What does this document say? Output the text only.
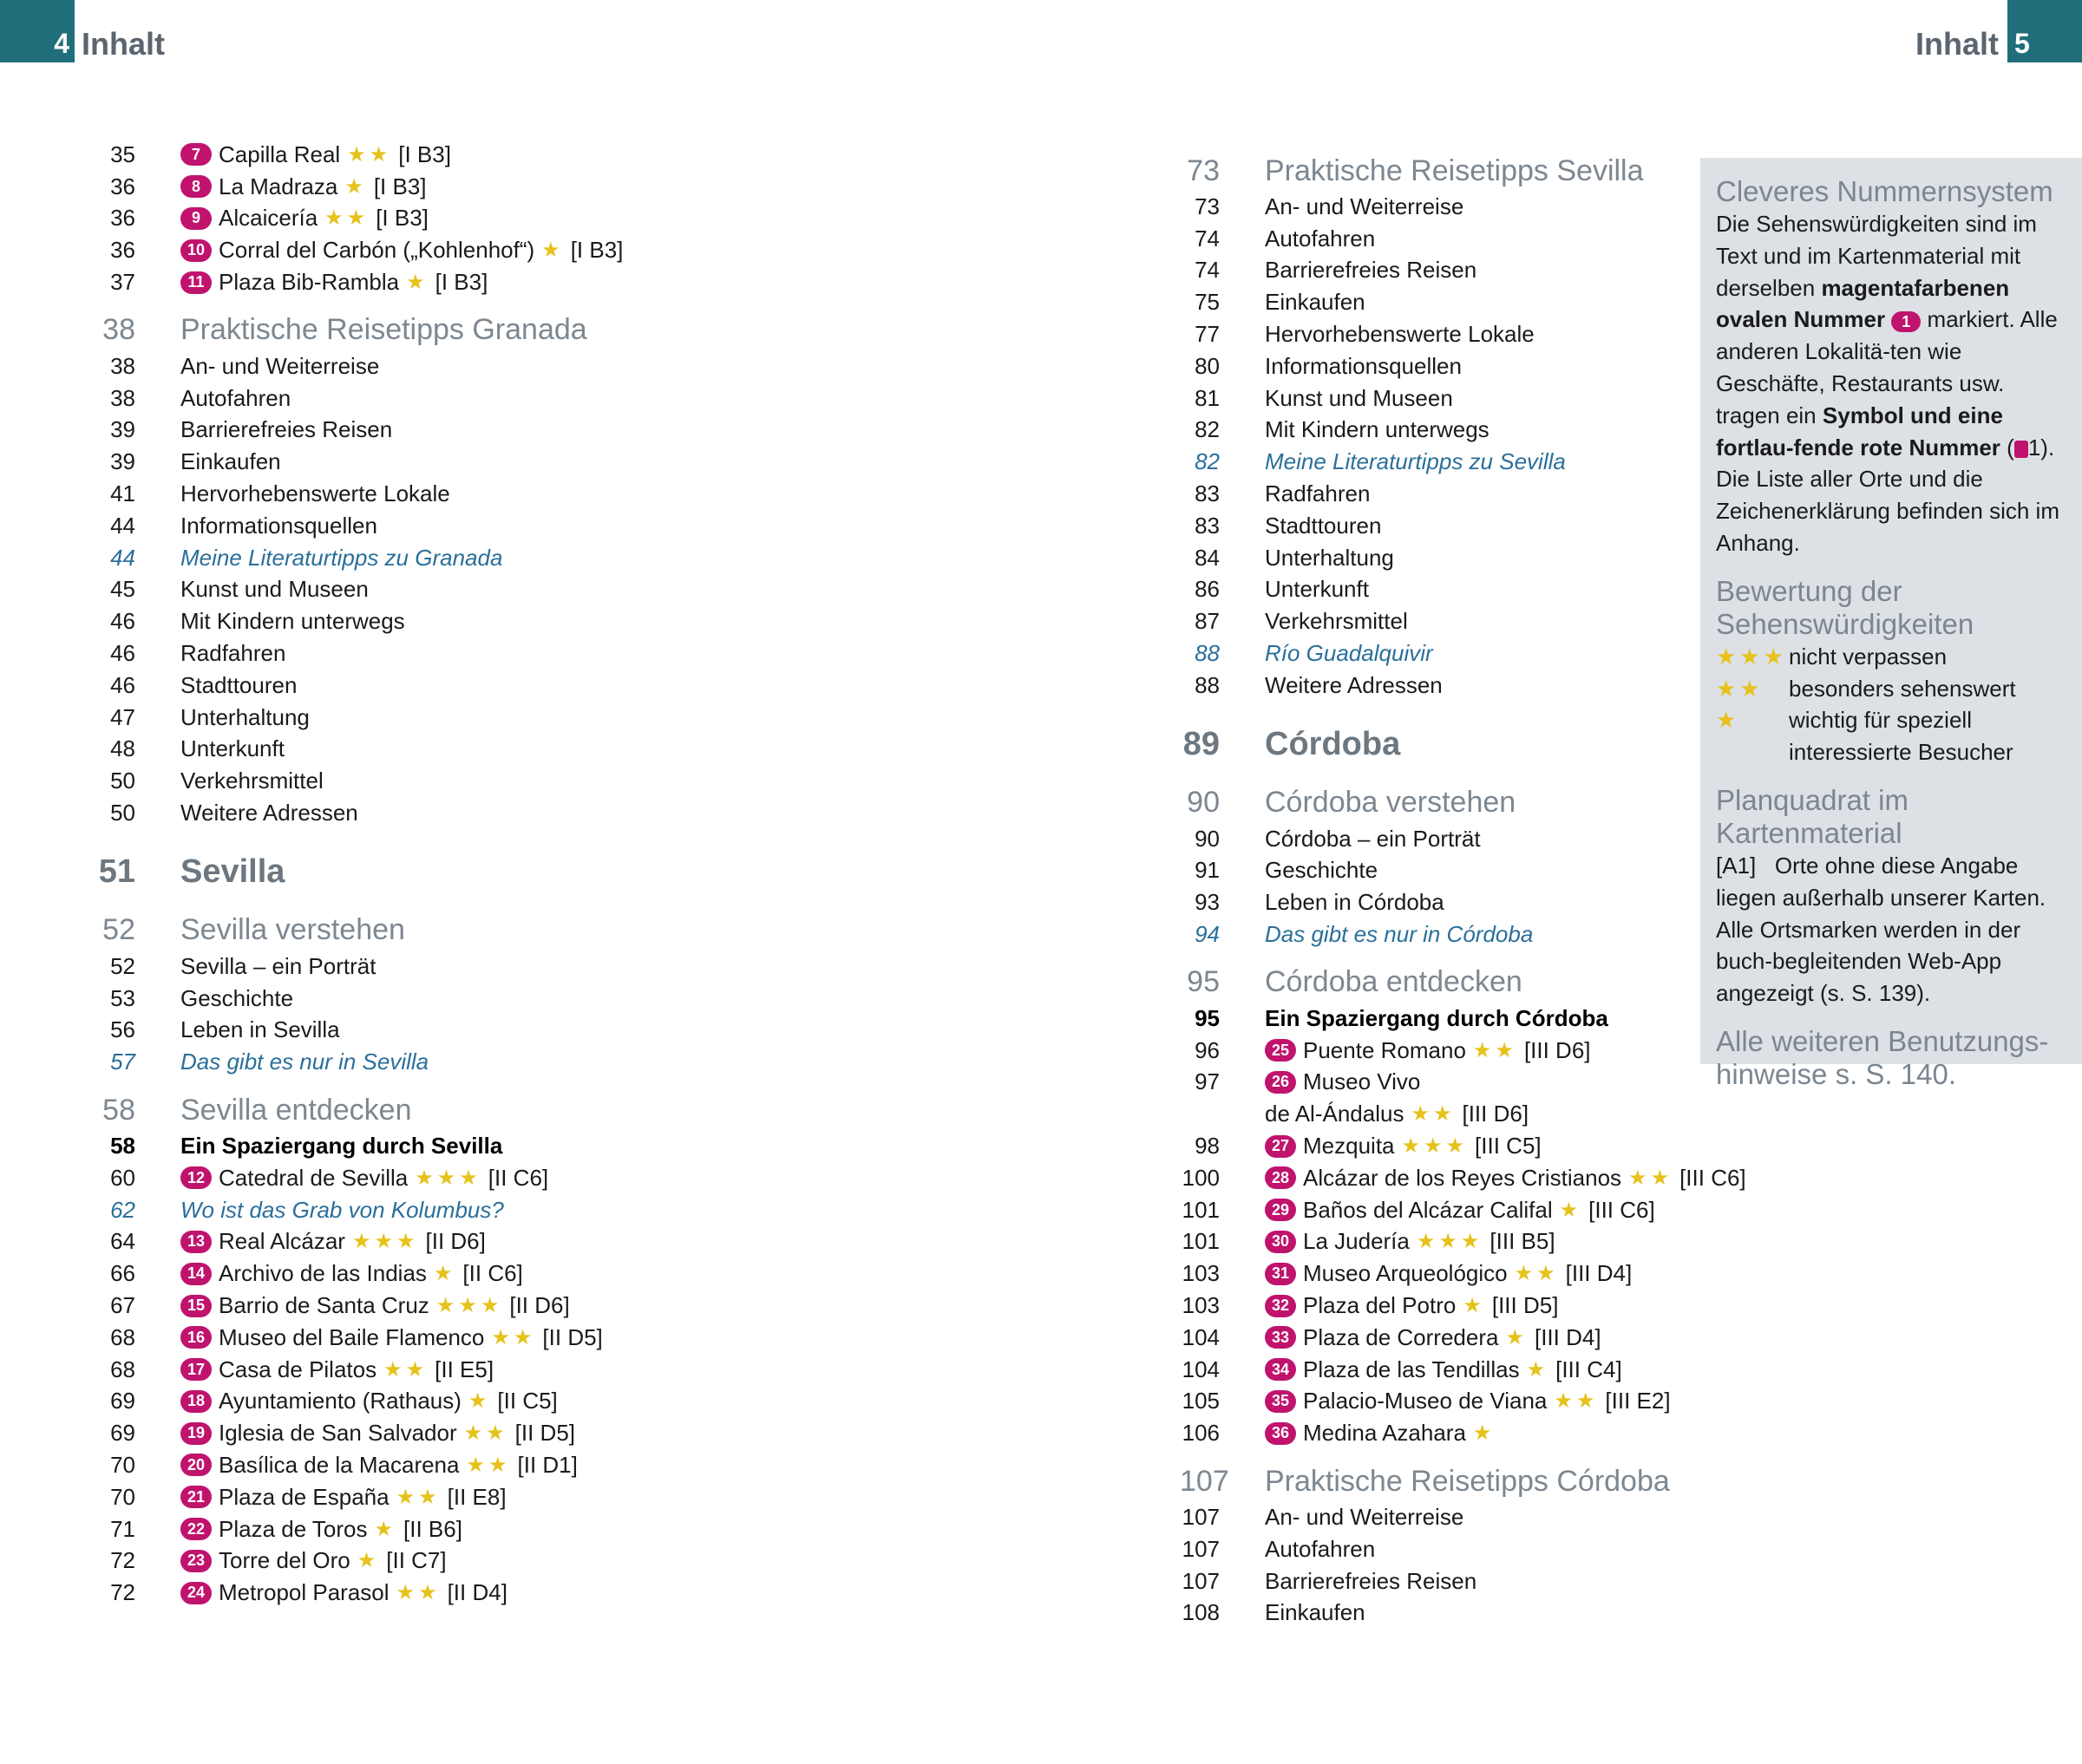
4 Inhalt	Inhalt 5
35	7 Capilla Real ★★ [I B3]
36	8 La Madraza ★ [I B3]
36	9 Alcaicería ★★ [I B3]
36	10 Corral del Carbón („Kohlenhof“) ★ [I B3]
37	11 Plaza Bib-Rambla ★ [I B3]
38 Praktische Reisetipps Granada
38 An- und Weiterreise
38 Autofahren
39 Barrierefreies Reisen
39 Einkaufen
41 Hervorhebenswerte Lokale
44 Informationsquellen
44 Meine Literaturtipps zu Granada
45 Kunst und Museen
46 Mit Kindern unterwegs
46 Radfahren
46 Stadttouren
47 Unterhaltung
48 Unterkunft
50 Verkehrsmittel
50 Weitere Adressen
51 Sevilla
52 Sevilla verstehen
52 Sevilla – ein Porträt
53 Geschichte
56 Leben in Sevilla
57 Das gibt es nur in Sevilla
58 Sevilla entdecken
58 Ein Spaziergang durch Sevilla
60	12 Catedral de Sevilla ★★★ [II C6]
62 Wo ist das Grab von Kolumbus?
64	13 Real Alcázar ★★★ [II D6]
66	14 Archivo de las Indias ★ [II C6]
67	15 Barrio de Santa Cruz ★★★ [II D6]
68	16 Museo del Baile Flamenco ★★ [II D5]
68	17 Casa de Pilatos ★★ [II E5]
69	18 Ayuntamiento (Rathaus) ★ [II C5]
69	19 Iglesia de San Salvador ★★ [II D5]
70	20 Basílica de la Macarena ★★ [II D1]
70	21 Plaza de España ★★ [II E8]
71	22 Plaza de Toros ★ [II B6]
72	23 Torre del Oro ★ [II C7]
72	24 Metropol Parasol ★★ [II D4]
73 Praktische Reisetipps Sevilla
73 An- und Weiterreise
74 Autofahren
74 Barrierefreies Reisen
75 Einkaufen
77 Hervorhebenswerte Lokale
80 Informationsquellen
81 Kunst und Museen
82 Mit Kindern unterwegs
82 Meine Literaturtipps zu Sevilla
83 Radfahren
83 Stadttouren
84 Unterhaltung
86 Unterkunft
87 Verkehrsmittel
88 Río Guadalquivir
88 Weitere Adressen
89 Córdoba
90 Córdoba verstehen
90 Córdoba – ein Porträt
91 Geschichte
93 Leben in Córdoba
94 Das gibt es nur in Córdoba
95 Córdoba entdecken
95 Ein Spaziergang durch Córdoba
96	25 Puente Romano ★★ [III D6]
97	26 Museo Vivo
de Al-Ándalus ★★ [III D6]
98	27 Mezquita ★★★ [III C5]
100	28 Alcázar de los Reyes Cristianos ★★ [III C6]
101	29 Baños del Alcázar Califal ★ [III C6]
101	30 La Judería ★★★ [III B5]
103	31 Museo Arqueológico ★★ [III D4]
103	32 Plaza del Potro ★ [III D5]
104	33 Plaza de Corredera ★ [III D4]
104	34 Plaza de las Tendillas ★ [III C4]
105	35 Palacio-Museo de Viana ★★ [III E2]
106	36 Medina Azahara ★
107 Praktische Reisetipps Córdoba
107 An- und Weiterreise
107 Autofahren
107 Barrierefreies Reisen
108 Einkaufen
Cleveres Nummernsystem
Die Sehenswürdigkeiten sind im Text und im Kartenmaterial mit derselben magentafarbenen ovalen Nummer 1 markiert. Alle anderen Lokalitä-ten wie Geschäfte, Restaurants usw. tragen ein Symbol und eine fortlau-fende rote Nummer ( 1). Die Liste aller Orte und die Zeichenerklärung befinden sich im Anhang.
Bewertung der Sehenswürdigkeiten
★★★ nicht verpassen
★★	besonders sehenswert
★	wichtig für speziell interessierte Besucher
Planquadrat im Kartenmaterial
[A1] Orte ohne diese Angabe liegen außerhalb unserer Karten. Alle Ortsmarken werden in der buch-begleitenden Web-App angezeigt (s. S. 139).
Alle weiteren Benutzungs-hinweise s. S. 140.
